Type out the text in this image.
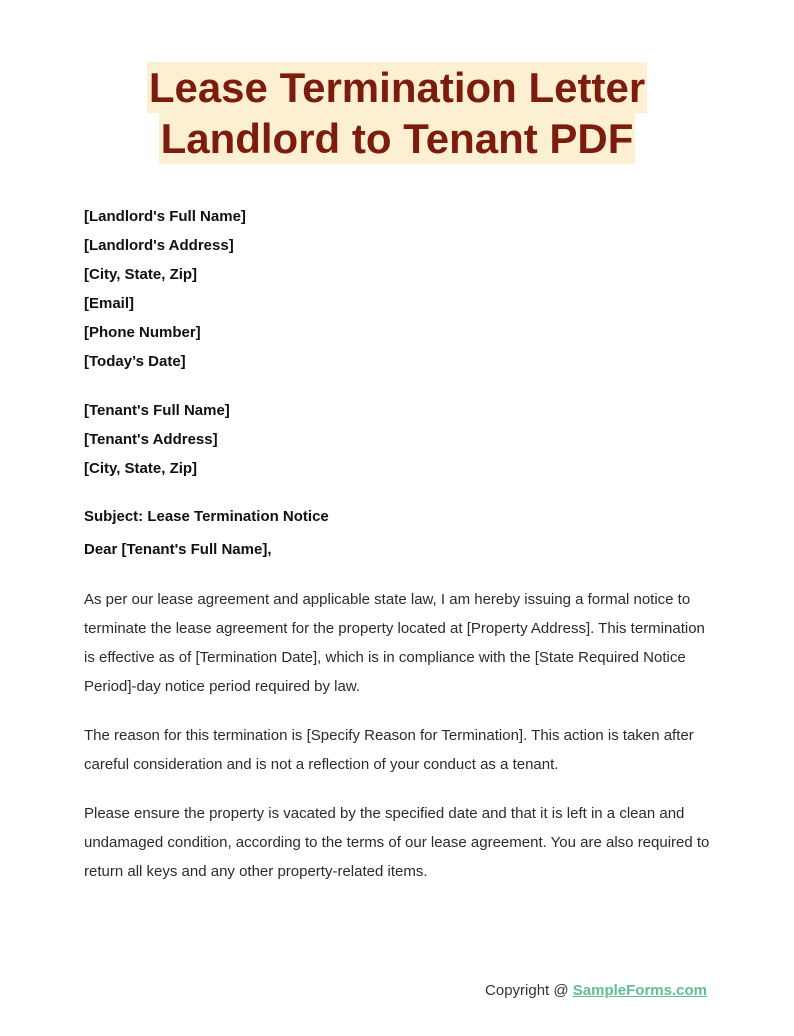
Lease Termination Letter
Landlord to Tenant PDF
[Landlord's Full Name]
[Landlord's Address]
[City, State, Zip]
[Email]
[Phone Number]
[Today’s Date]
[Tenant's Full Name]
[Tenant's Address]
[City, State, Zip]
Subject: Lease Termination Notice
Dear [Tenant's Full Name],

As per our lease agreement and applicable state law, I am hereby issuing a formal notice to terminate the lease agreement for the property located at [Property Address]. This termination is effective as of [Termination Date], which is in compliance with the [State Required Notice Period]-day notice period required by law.

The reason for this termination is [Specify Reason for Termination]. This action is taken after careful consideration and is not a reflection of your conduct as a tenant.

Please ensure the property is vacated by the specified date and that it is left in a clean and undamaged condition, according to the terms of our lease agreement. You are also required to return all keys and any other property-related items.

Copyright @ SampleForms.com
